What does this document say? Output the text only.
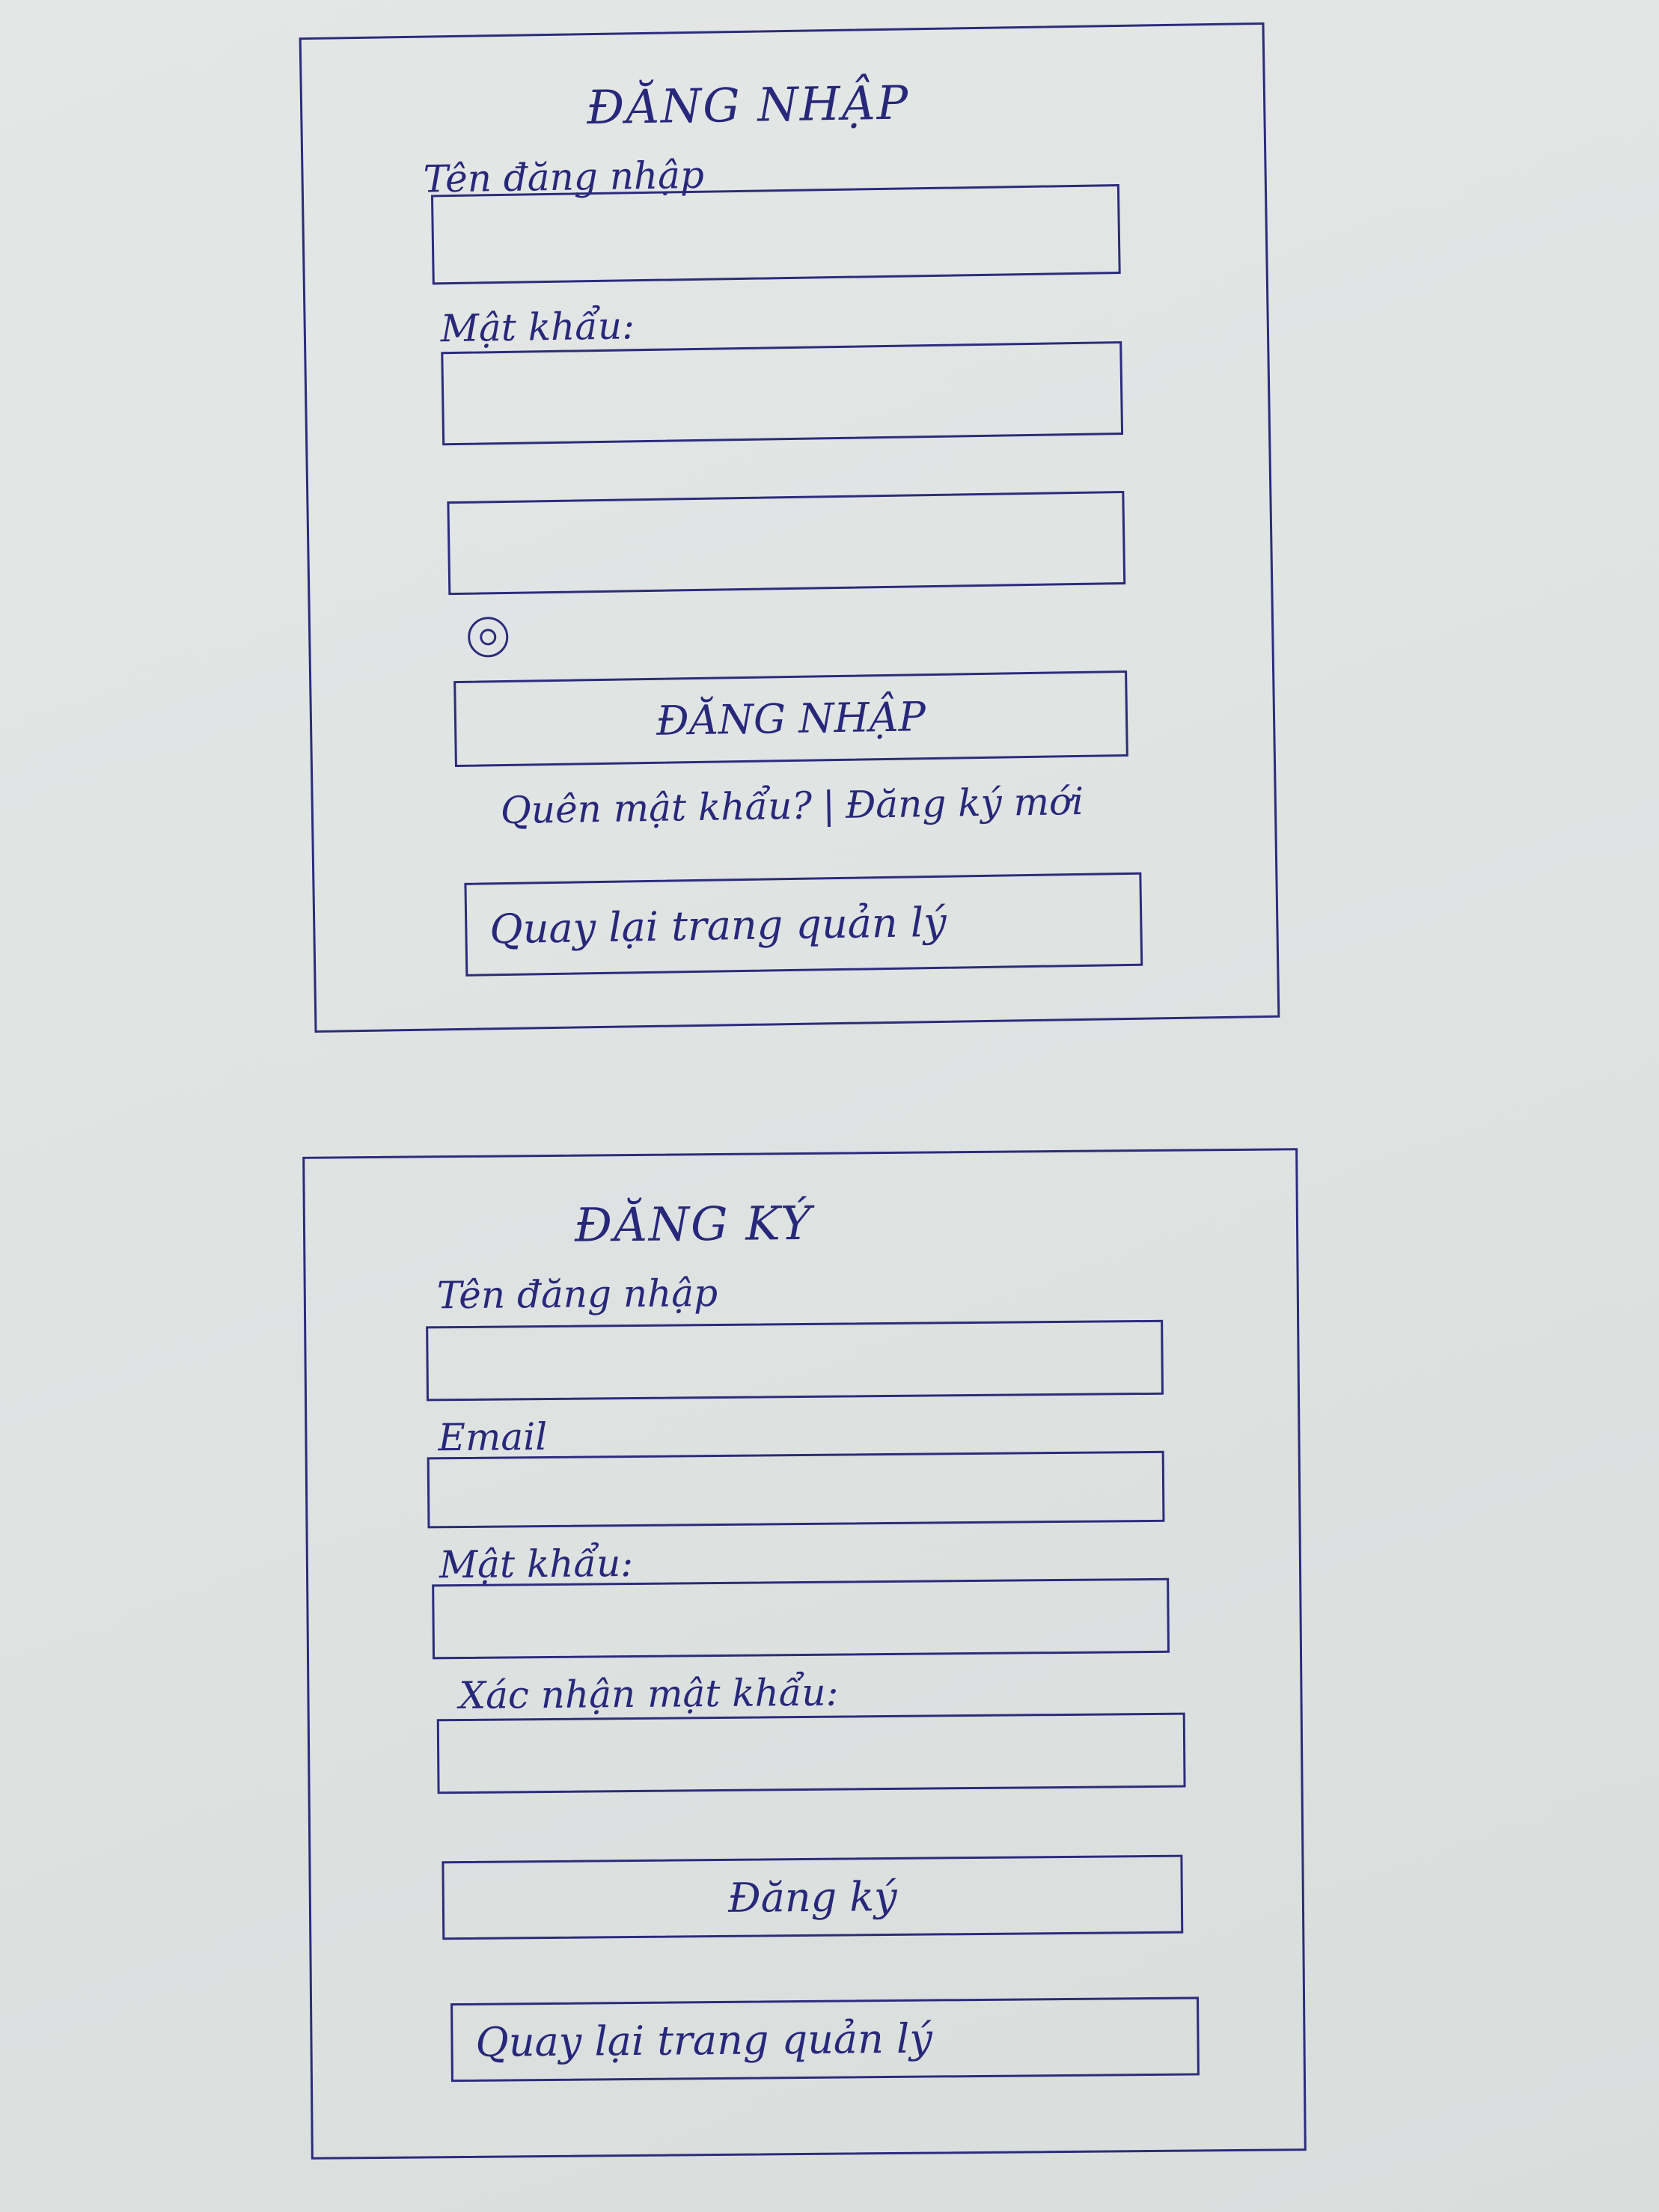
ĐĂNG NHẬP
Tên đăng nhập
Mật khẩu:
ĐĂNG NHẬP
Quên mật khẩu? | Đăng ký mới
Quay lại trang quản lý
ĐĂNG KÝ
Tên đăng nhập
Email
Mật khẩu:
Xác nhận mật khẩu:
Đăng ký
Quay lại trang quản lý
